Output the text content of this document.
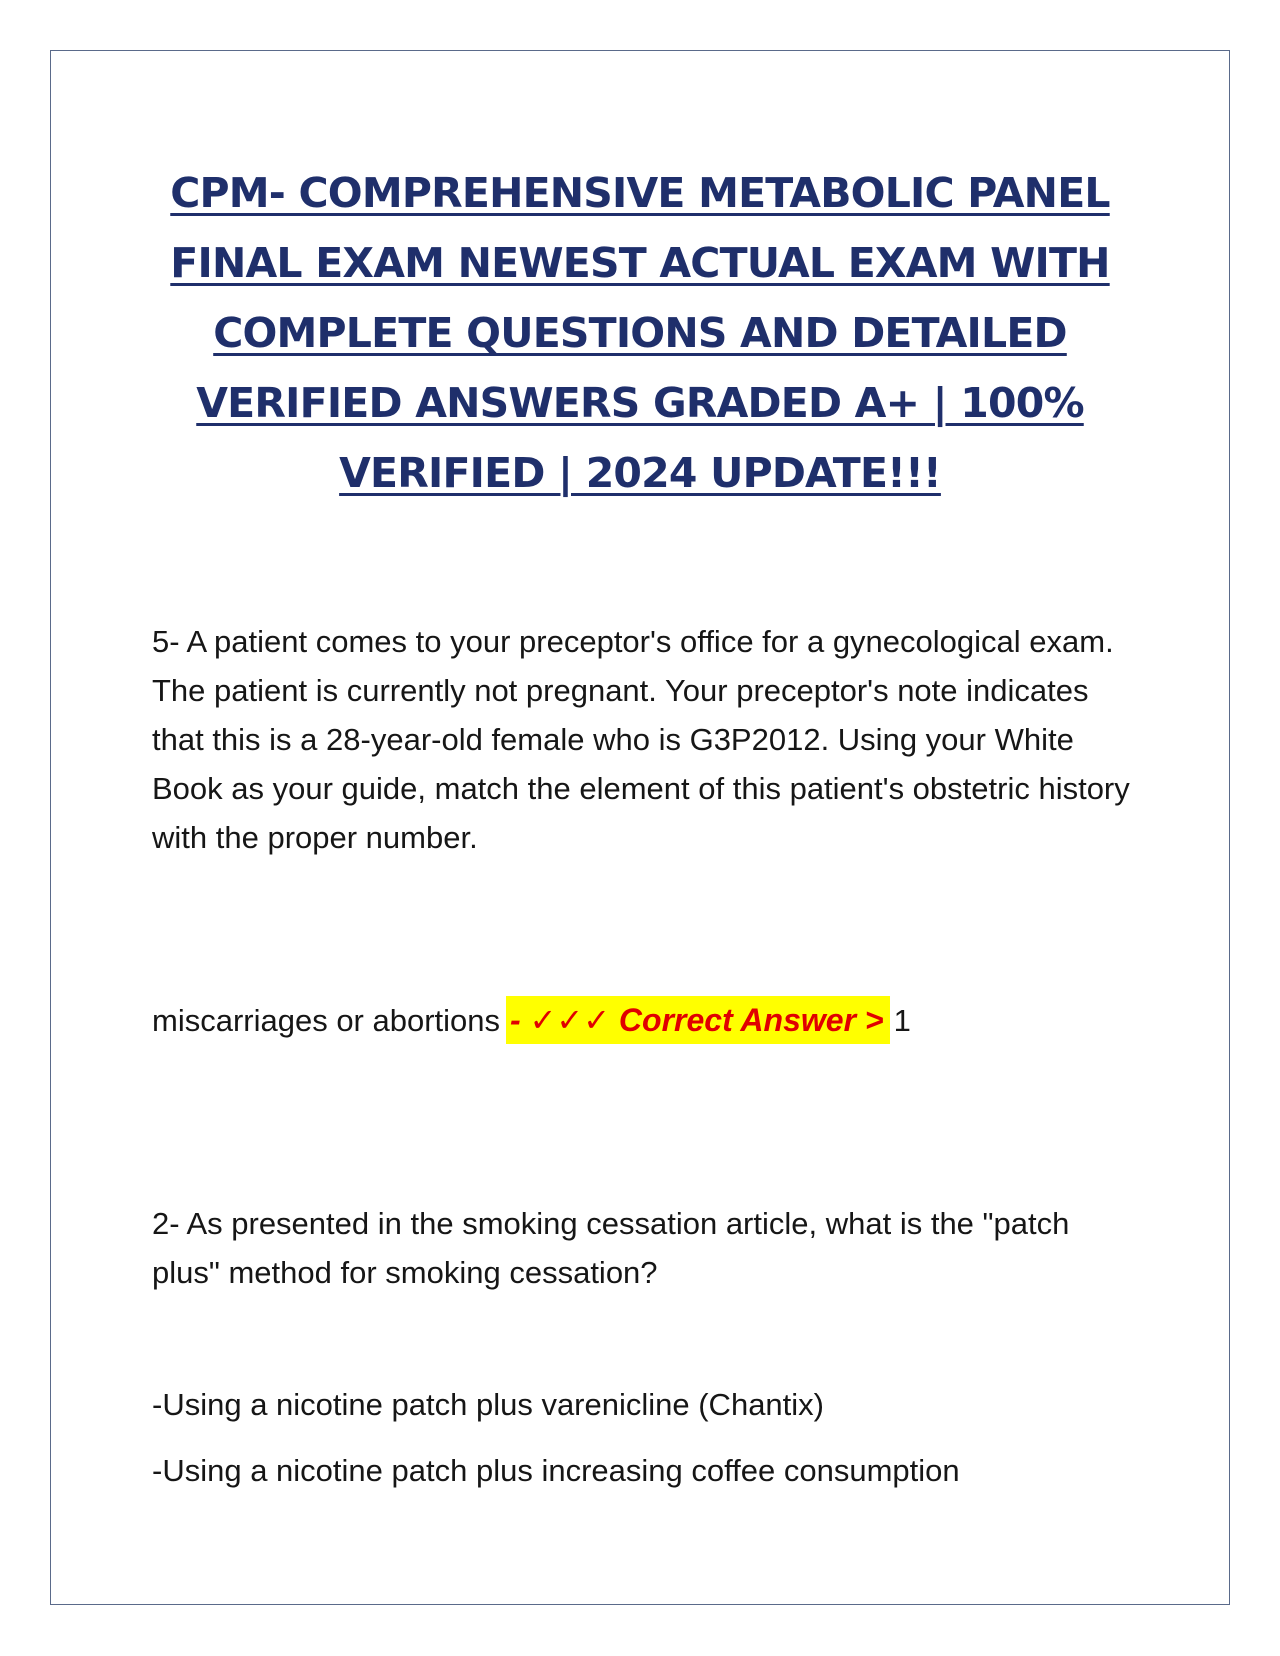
CPM- COMPREHENSIVE METABOLIC PANEL
FINAL EXAM NEWEST ACTUAL EXAM WITH
COMPLETE QUESTIONS AND DETAILED
VERIFIED ANSWERS GRADED A+ | 100%
VERIFIED | 2024 UPDATE!!!

5- A patient comes to your preceptor's office for a gynecological exam. The patient is currently not pregnant. Your preceptor's note indicates that this is a 28-year-old female who is G3P2012. Using your White Book as your guide, match the element of this patient's obstetric history with the proper number.

miscarriages or abortions - ✓✓✓ Correct Answer > 1

2- As presented in the smoking cessation article, what is the "patch plus" method for smoking cessation?

-Using a nicotine patch plus varenicline (Chantix)

-Using a nicotine patch plus increasing coffee consumption
